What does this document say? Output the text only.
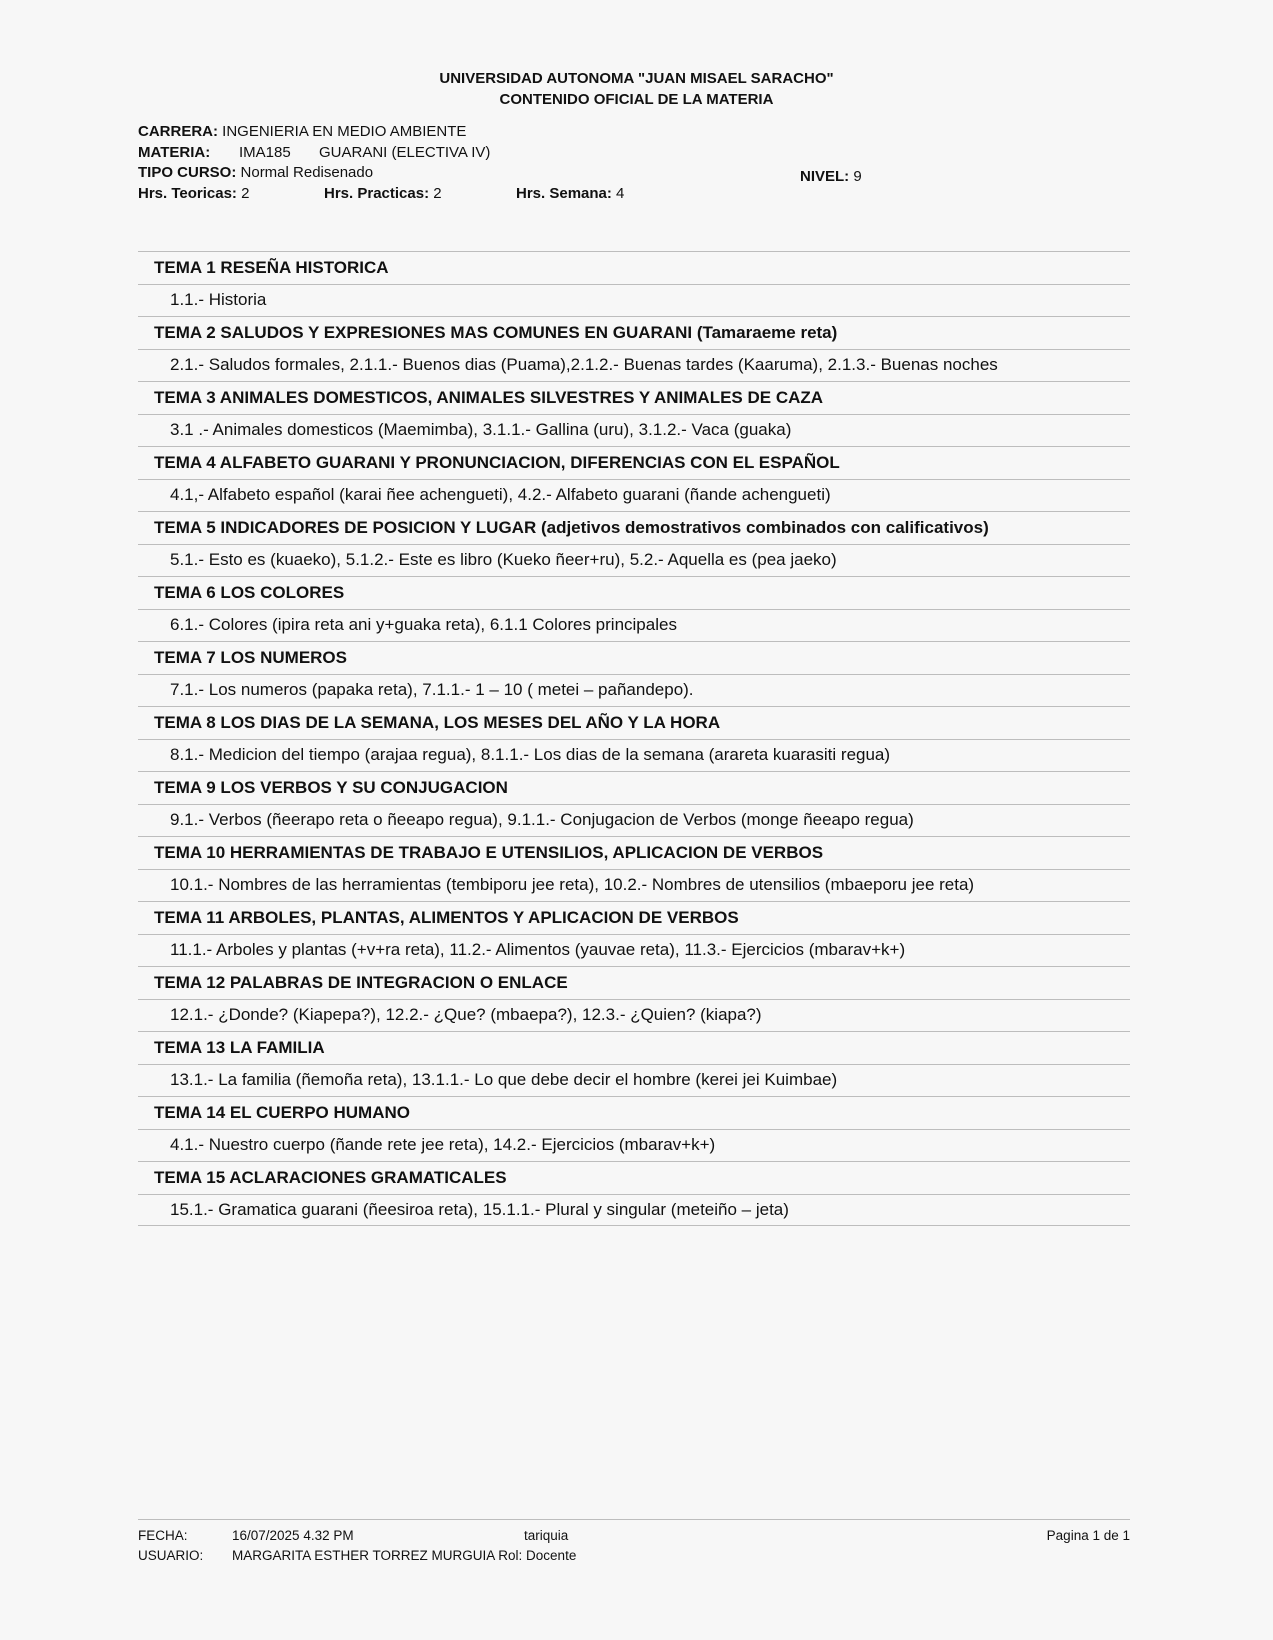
UNIVERSIDAD AUTONOMA "JUAN MISAEL SARACHO"
CONTENIDO OFICIAL DE LA MATERIA
CARRERA: INGENIERIA EN MEDIO AMBIENTE
MATERIA: IMA185 GUARANI (ELECTIVA IV)
TIPO CURSO: Normal Redisenado	NIVEL: 9
Hrs. Teoricas: 2	Hrs. Practicas: 2	Hrs. Semana: 4
TEMA 1 RESEÑA HISTORICA
1.1.- Historia
TEMA 2 SALUDOS Y EXPRESIONES MAS COMUNES EN GUARANI (Tamaraeme reta)
2.1.- Saludos formales, 2.1.1.- Buenos dias (Puama),2.1.2.- Buenas tardes (Kaaruma), 2.1.3.- Buenas noches
TEMA 3 ANIMALES DOMESTICOS, ANIMALES SILVESTRES Y ANIMALES DE CAZA
3.1 .- Animales domesticos (Maemimba), 3.1.1.- Gallina (uru), 3.1.2.- Vaca (guaka)
TEMA 4 ALFABETO GUARANI Y PRONUNCIACION, DIFERENCIAS CON EL ESPAÑOL
4.1,- Alfabeto español (karai ñee achengueti), 4.2.- Alfabeto guarani (ñande achengueti)
TEMA 5 INDICADORES DE POSICION Y LUGAR (adjetivos demostrativos combinados con calificativos)
5.1.- Esto es (kuaeko), 5.1.2.- Este es libro (Kueko ñeer+ru), 5.2.- Aquella es (pea jaeko)
TEMA 6 LOS COLORES
6.1.- Colores (ipira reta ani y+guaka reta), 6.1.1 Colores principales
TEMA 7 LOS NUMEROS
7.1.- Los numeros (papaka reta), 7.1.1.- 1 – 10 ( metei – pañandepo).
TEMA 8 LOS DIAS DE LA SEMANA, LOS MESES DEL AÑO Y LA HORA
8.1.- Medicion del tiempo (arajaa regua), 8.1.1.- Los dias de la semana (arareta kuarasiti regua)
TEMA 9 LOS VERBOS Y SU CONJUGACION
9.1.- Verbos (ñeerapo reta o ñeeapo regua), 9.1.1.- Conjugacion de Verbos (monge ñeeapo regua)
TEMA 10 HERRAMIENTAS DE TRABAJO E UTENSILIOS, APLICACION DE VERBOS
10.1.- Nombres de las herramientas (tembiporu jee reta), 10.2.- Nombres de utensilios (mbaeporu jee reta)
TEMA 11 ARBOLES, PLANTAS, ALIMENTOS Y APLICACION DE VERBOS
11.1.- Arboles y plantas (+v+ra reta), 11.2.- Alimentos (yauvae reta), 11.3.- Ejercicios (mbarav+k+)
TEMA 12 PALABRAS DE INTEGRACION O ENLACE
12.1.- ¿Donde? (Kiapepa?), 12.2.- ¿Que? (mbaepa?), 12.3.- ¿Quien? (kiapa?)
TEMA 13 LA FAMILIA
13.1.- La familia (ñemoña reta), 13.1.1.- Lo que debe decir el hombre (kerei jei Kuimbae)
TEMA 14 EL CUERPO HUMANO
4.1.- Nuestro cuerpo (ñande rete jee reta), 14.2.- Ejercicios (mbarav+k+)
TEMA 15 ACLARACIONES GRAMATICALES
15.1.- Gramatica guarani (ñeesiroa reta), 15.1.1.- Plural y singular (meteiño – jeta)
FECHA:	16/07/2025 4.32 PM	tariquia	Pagina 1 de 1
USUARIO: MARGARITA ESTHER TORREZ MURGUIA Rol: Docente
